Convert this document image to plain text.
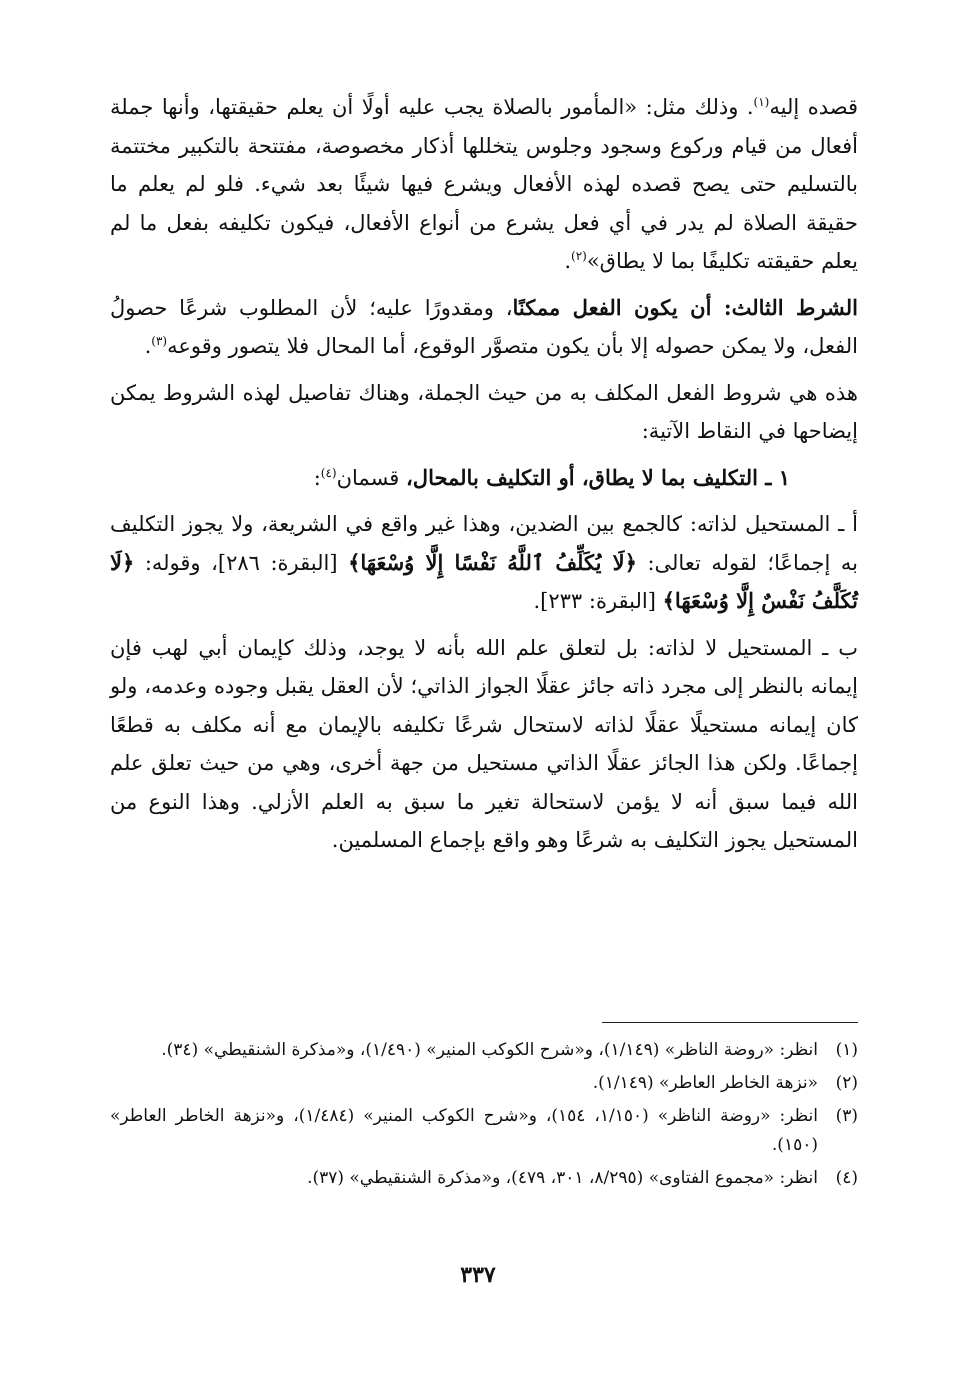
قصده إليه$^{(١)}$. وذلك مثل: «المأمور بالصلاة يجب عليه أولًا أن يعلم حقيقتها، وأنها جملة أفعال من قيام وركوع وسجود وجلوس يتخللها أذكار مخصوصة، مفتتحة بالتكبير مختتمة بالتسليم حتى يصح قصده لهذه الأفعال ويشرع فيها شيئًا بعد شيء. فلو لم يعلم ما حقيقة الصلاة لم يدر في أي فعل يشرع من أنواع الأفعال، فيكون تكليفه بفعل ما لم يعلم حقيقته تكليفًا بما لا يطاق»$^{(٢)}$.

الشرط الثالث: أن يكون الفعل ممكنًا، ومقدورًا عليه؛ لأن المطلوب شرعًا حصولُ الفعل، ولا يمكن حصوله إلا بأن يكون متصوَّر الوقوع، أما المحال فلا يتصور وقوعه$^{(٣)}$.

هذه هي شروط الفعل المكلف به من حيث الجملة، وهناك تفاصيل لهذه الشروط يمكن إيضاحها في النقاط الآتية:

١ ـ التكليف بما لا يطاق، أو التكليف بالمحال، قسمان$^{(٤)}$:

أ ـ المستحيل لذاته: كالجمع بين الضدين، وهذا غير واقع في الشريعة، ولا يجوز التكليف به إجماعًا؛ لقوله تعالى: ﴿لَا يُكَلِّفُ ٱللَّهُ نَفْسًا إِلَّا وُسْعَهَا﴾ [البقرة: ٢٨٦]، وقوله: ﴿لَا تُكَلَّفُ نَفْسٌ إِلَّا وُسْعَهَا﴾ [البقرة: ٢٣٣].

ب ـ المستحيل لا لذاته: بل لتعلق علم الله بأنه لا يوجد، وذلك كإيمان أبي لهب فإن إيمانه بالنظر إلى مجرد ذاته جائز عقلًا الجواز الذاتي؛ لأن العقل يقبل وجوده وعدمه، ولو كان إيمانه مستحيلًا عقلًا لذاته لاستحال شرعًا تكليفه بالإيمان مع أنه مكلف به قطعًا إجماعًا. ولكن هذا الجائز عقلًا الذاتي مستحيل من جهة أخرى، وهي من حيث تعلق علم الله فيما سبق أنه لا يؤمن لاستحالة تغير ما سبق به العلم الأزلي. وهذا النوع من المستحيل يجوز التكليف به شرعًا وهو واقع بإجماع المسلمين.

(١)
انظر: «روضة الناظر» (١/١٤٩)، و«شرح الكوكب المنير» (١/٤٩٠)، و«مذكرة الشنقيطي» (٣٤).
(٢)
«نزهة الخاطر العاطر» (١/١٤٩).
(٣)
انظر: «روضة الناظر» (١/١٥٠، ١٥٤)، و«شرح الكوكب المنير» (١/٤٨٤)، و«نزهة الخاطر العاطر» (١٥٠).
(٤)
انظر: «مجموع الفتاوى» (٨/٢٩٥، ٣٠١، ٤٧٩)، و«مذكرة الشنقيطي» (٣٧).
٣٣٧
